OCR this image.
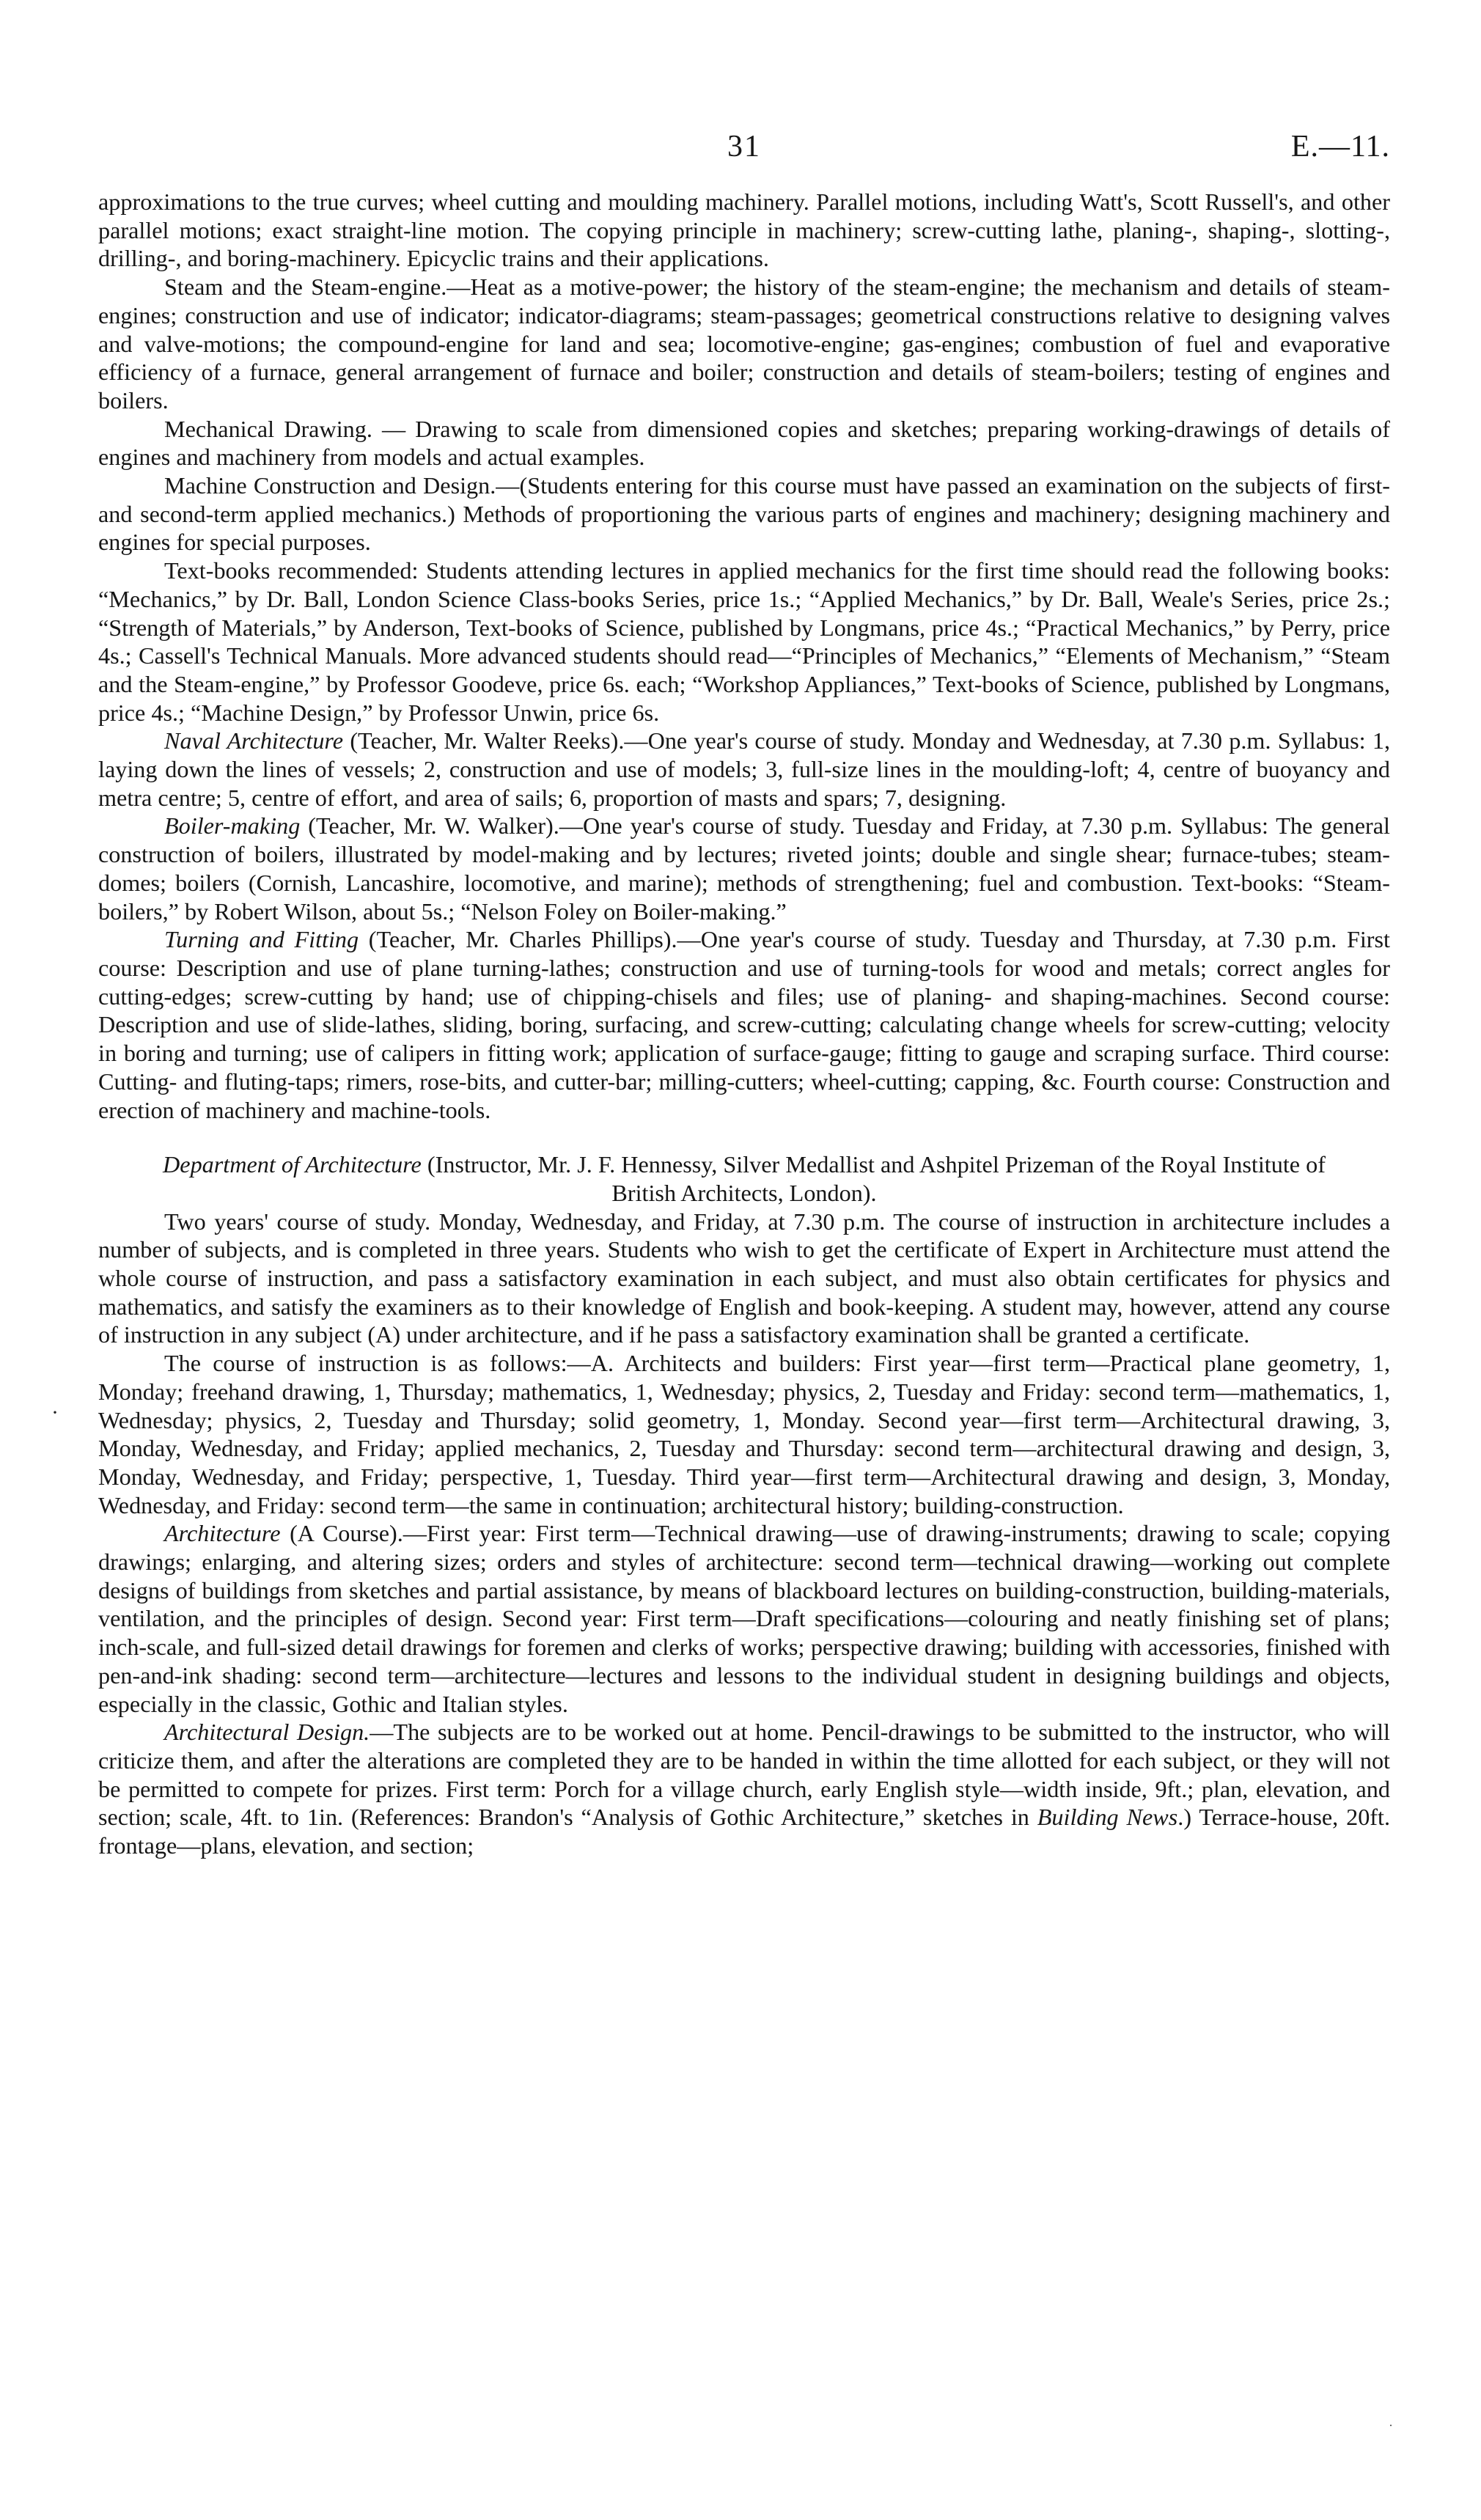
31	E.—11.

approximations to the true curves; wheel cutting and moulding machinery. Parallel motions, including Watt's, Scott Russell's, and other parallel motions; exact straight-line motion. The copying principle in machinery; screw-cutting lathe, planing-, shaping-, slotting-, drilling-, and boring-machinery. Epicyclic trains and their applications.

Steam and the Steam-engine.—Heat as a motive-power; the history of the steam-engine; the mechanism and details of steam-engines; construction and use of indicator; indicator-diagrams; steam-passages; geometrical constructions relative to designing valves and valve-motions; the compound-engine for land and sea; locomotive-engine; gas-engines; combustion of fuel and evaporative efficiency of a furnace, general arrangement of furnace and boiler; construction and details of steam-boilers; testing of engines and boilers.

Mechanical Drawing. — Drawing to scale from dimensioned copies and sketches; preparing working-drawings of details of engines and machinery from models and actual examples.

Machine Construction and Design.—(Students entering for this course must have passed an examination on the subjects of first- and second-term applied mechanics.) Methods of proportioning the various parts of engines and machinery; designing machinery and engines for special purposes.

Text-books recommended: Students attending lectures in applied mechanics for the first time should read the following books: “Mechanics,” by Dr. Ball, London Science Class-books Series, price 1s.; “Applied Mechanics,” by Dr. Ball, Weale's Series, price 2s.; “Strength of Materials,” by Anderson, Text-books of Science, published by Longmans, price 4s.; “Practical Mechanics,” by Perry, price 4s.; Cassell's Technical Manuals. More advanced students should read—“Principles of Mechanics,” “Elements of Mechanism,” “Steam and the Steam-engine,” by Professor Goodeve, price 6s. each; “Workshop Appliances,” Text-books of Science, published by Longmans, price 4s.; “Machine Design,” by Professor Unwin, price 6s.

Naval Architecture (Teacher, Mr. Walter Reeks).—One year's course of study. Monday and Wednesday, at 7.30 p.m. Syllabus: 1, laying down the lines of vessels; 2, construction and use of models; 3, full-size lines in the moulding-loft; 4, centre of buoyancy and metra centre; 5, centre of effort, and area of sails; 6, proportion of masts and spars; 7, designing.

Boiler-making (Teacher, Mr. W. Walker).—One year's course of study. Tuesday and Friday, at 7.30 p.m. Syllabus: The general construction of boilers, illustrated by model-making and by lectures; riveted joints; double and single shear; furnace-tubes; steam-domes; boilers (Cornish, Lancashire, locomotive, and marine); methods of strengthening; fuel and combustion. Text-books: “Steam-boilers,” by Robert Wilson, about 5s.; “Nelson Foley on Boiler-making.”

Turning and Fitting (Teacher, Mr. Charles Phillips).—One year's course of study. Tuesday and Thursday, at 7.30 p.m. First course: Description and use of plane turning-lathes; construction and use of turning-tools for wood and metals; correct angles for cutting-edges; screw-cutting by hand; use of chipping-chisels and files; use of planing- and shaping-machines. Second course: Description and use of slide-lathes, sliding, boring, surfacing, and screw-cutting; calculating change wheels for screw-cutting; velocity in boring and turning; use of calipers in fitting work; application of surface-gauge; fitting to gauge and scraping surface. Third course: Cutting- and fluting-taps; rimers, rose-bits, and cutter-bar; milling-cutters; wheel-cutting; capping, &c. Fourth course: Construction and erection of machinery and machine-tools.

Department of Architecture (Instructor, Mr. J. F. Hennessy, Silver Medallist and Ashpitel Prizeman of the Royal Institute of British Architects, London).

Two years' course of study. Monday, Wednesday, and Friday, at 7.30 p.m. The course of instruction in architecture includes a number of subjects, and is completed in three years. Students who wish to get the certificate of Expert in Architecture must attend the whole course of instruction, and pass a satisfactory examination in each subject, and must also obtain certificates for physics and mathematics, and satisfy the examiners as to their knowledge of English and book-keeping. A student may, however, attend any course of instruction in any subject (A) under architecture, and if he pass a satisfactory examination shall be granted a certificate.

The course of instruction is as follows:—A. Architects and builders: First year—first term—Practical plane geometry, 1, Monday; freehand drawing, 1, Thursday; mathematics, 1, Wednesday; physics, 2, Tuesday and Friday: second term—mathematics, 1, Wednesday; physics, 2, Tuesday and Thursday; solid geometry, 1, Monday. Second year—first term—Architectural drawing, 3, Monday, Wednesday, and Friday; applied mechanics, 2, Tuesday and Thursday: second term—architectural drawing and design, 3, Monday, Wednesday, and Friday; perspective, 1, Tuesday. Third year—first term—Architectural drawing and design, 3, Monday, Wednesday, and Friday: second term—the same in continuation; architectural history; building-construction.

Architecture (A Course).—First year: First term—Technical drawing—use of drawing-instruments; drawing to scale; copying drawings; enlarging, and altering sizes; orders and styles of architecture: second term—technical drawing—working out complete designs of buildings from sketches and partial assistance, by means of blackboard lectures on building-construction, building-materials, ventilation, and the principles of design. Second year: First term—Draft specifications—colouring and neatly finishing set of plans; inch-scale, and full-sized detail drawings for foremen and clerks of works; perspective drawing; building with accessories, finished with pen-and-ink shading: second term—architecture—lectures and lessons to the individual student in designing buildings and objects, especially in the classic, Gothic and Italian styles.

Architectural Design.—The subjects are to be worked out at home. Pencil-drawings to be submitted to the instructor, who will criticize them, and after the alterations are completed they are to be handed in within the time allotted for each subject, or they will not be permitted to compete for prizes. First term: Porch for a village church, early English style—width inside, 9ft.; plan, elevation, and section; scale, 4ft. to 1in. (References: Brandon's “Analysis of Gothic Architecture,” sketches in Building News.) Terrace-house, 20ft. frontage—plans, elevation, and section;

·
·
